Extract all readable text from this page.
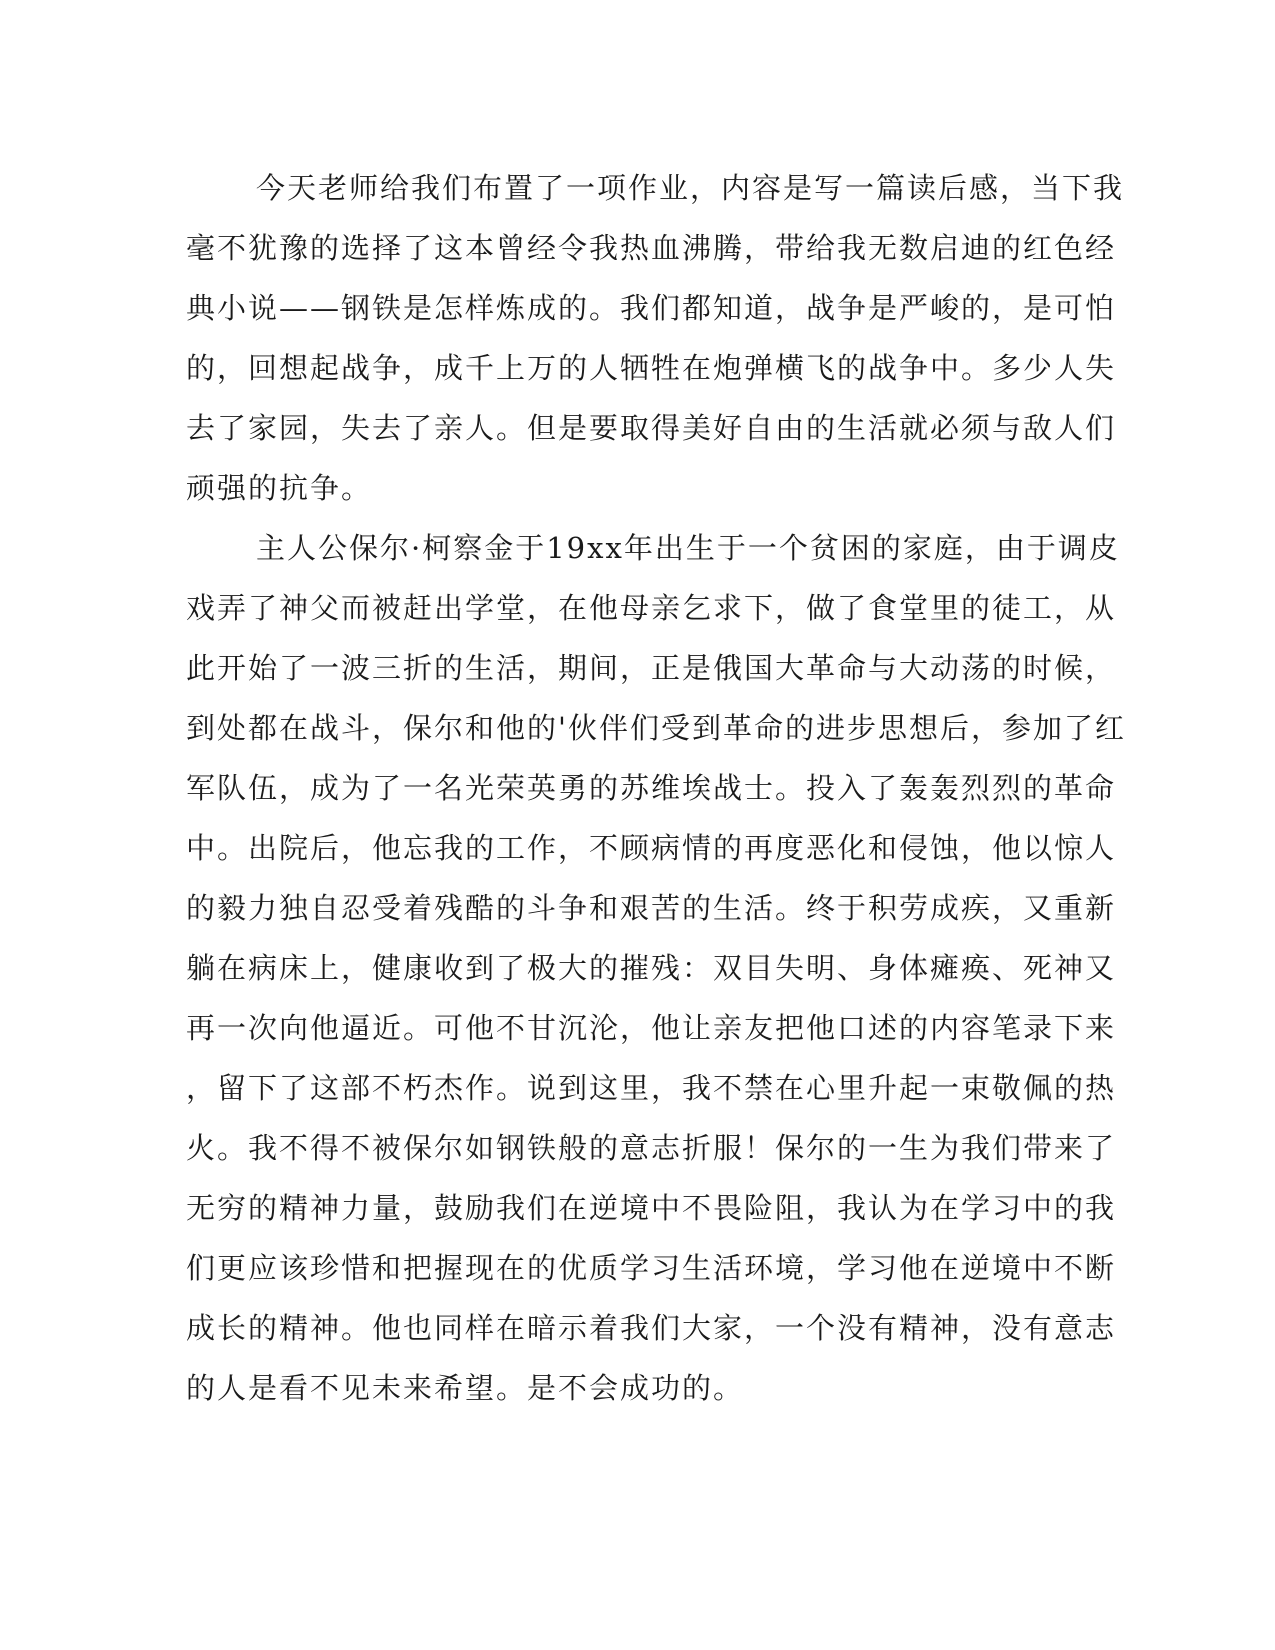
今天老师给我们布置了一项作业，内容是写一篇读后感，当下我
毫不犹豫的选择了这本曾经令我热血沸腾，带给我无数启迪的红色经
典小说——钢铁是怎样炼成的。我们都知道，战争是严峻的，是可怕
的，回想起战争，成千上万的人牺牲在炮弹横飞的战争中。多少人失
去了家园，失去了亲人。但是要取得美好自由的生活就必须与敌人们
顽强的抗争。
主人公保尔·柯察金于19xx年出生于一个贫困的家庭，由于调皮
戏弄了神父而被赶出学堂，在他母亲乞求下，做了食堂里的徒工，从
此开始了一波三折的生活，期间，正是俄国大革命与大动荡的时候，
到处都在战斗，保尔和他的'伙伴们受到革命的进步思想后，参加了红
军队伍，成为了一名光荣英勇的苏维埃战士。投入了轰轰烈烈的革命
中。出院后，他忘我的工作，不顾病情的再度恶化和侵蚀，他以惊人
的毅力独自忍受着残酷的斗争和艰苦的生活。终于积劳成疾，又重新
躺在病床上，健康收到了极大的摧残：双目失明、身体瘫痪、死神又
再一次向他逼近。可他不甘沉沦，他让亲友把他口述的内容笔录下来
，留下了这部不朽杰作。说到这里，我不禁在心里升起一束敬佩的热
火。我不得不被保尔如钢铁般的意志折服！保尔的一生为我们带来了
无穷的精神力量，鼓励我们在逆境中不畏险阻，我认为在学习中的我
们更应该珍惜和把握现在的优质学习生活环境，学习他在逆境中不断
成长的精神。他也同样在暗示着我们大家，一个没有精神，没有意志
的人是看不见未来希望。是不会成功的。
